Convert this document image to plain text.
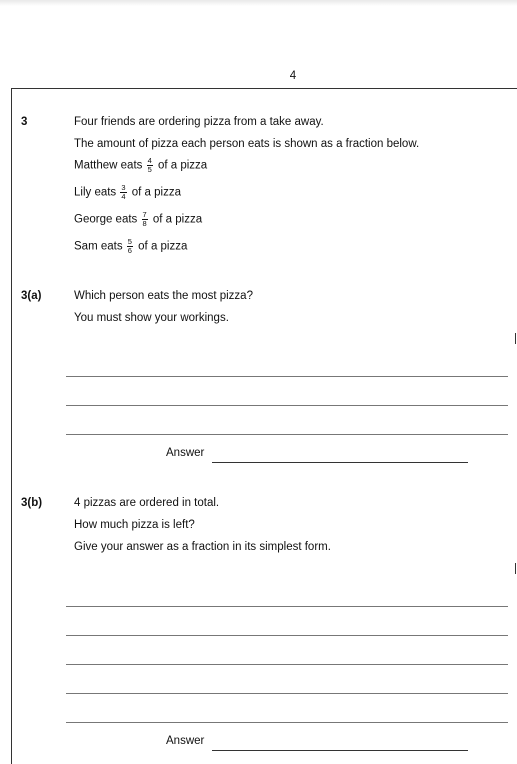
4
3	Four friends are ordering pizza from a take away.
The amount of pizza each person eats is shown as a fraction below.
Matthew eats $\frac{4}{5}$ of a pizza
Lily eats $\frac{3}{4}$ of a pizza
George eats $\frac{7}{8}$ of a pizza
Sam eats $\frac{5}{6}$ of a pizza
3(a)	Which person eats the most pizza?
You must show your workings.
Answer
3(b)	4 pizzas are ordered in total.
How much pizza is left?
Give your answer as a fraction in its simplest form.
Answer
